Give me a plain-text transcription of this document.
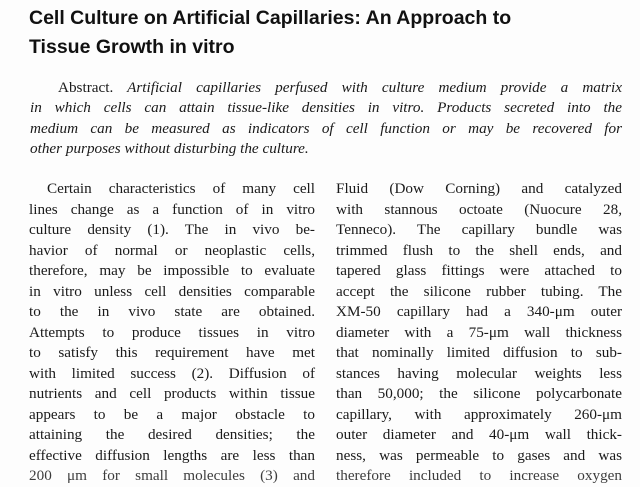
Cell Culture on Artificial Capillaries: An Approach to
Tissue Growth in vitro
Abstract. Artificial capillaries perfused with culture medium provide a matrix
in which cells can attain tissue-like densities in vitro. Products secreted into the
medium can be measured as indicators of cell function or may be recovered for
other purposes without disturbing the culture.
Certain characteristics of many cell
lines change as a function of in vitro
culture density (1). The in vivo be-
havior of normal or neoplastic cells,
therefore, may be impossible to evaluate
in vitro unless cell densities comparable
to the in vivo state are obtained.
Attempts to produce tissues in vitro
to satisfy this requirement have met
with limited success (2). Diffusion of
nutrients and cell products within tissue
appears to be a major obstacle to
attaining the desired densities; the
effective diffusion lengths are less than
200 μm for small molecules (3) and
Fluid (Dow Corning) and catalyzed
with stannous octoate (Nuocure 28,
Tenneco). The capillary bundle was
trimmed flush to the shell ends, and
tapered glass fittings were attached to
accept the silicone rubber tubing. The
XM-50 capillary had a 340-μm outer
diameter with a 75-μm wall thickness
that nominally limited diffusion to sub-
stances having molecular weights less
than 50,000; the silicone polycarbonate
capillary, with approximately 260-μm
outer diameter and 40-μm wall thick-
ness, was permeable to gases and was
therefore included to increase oxygen
